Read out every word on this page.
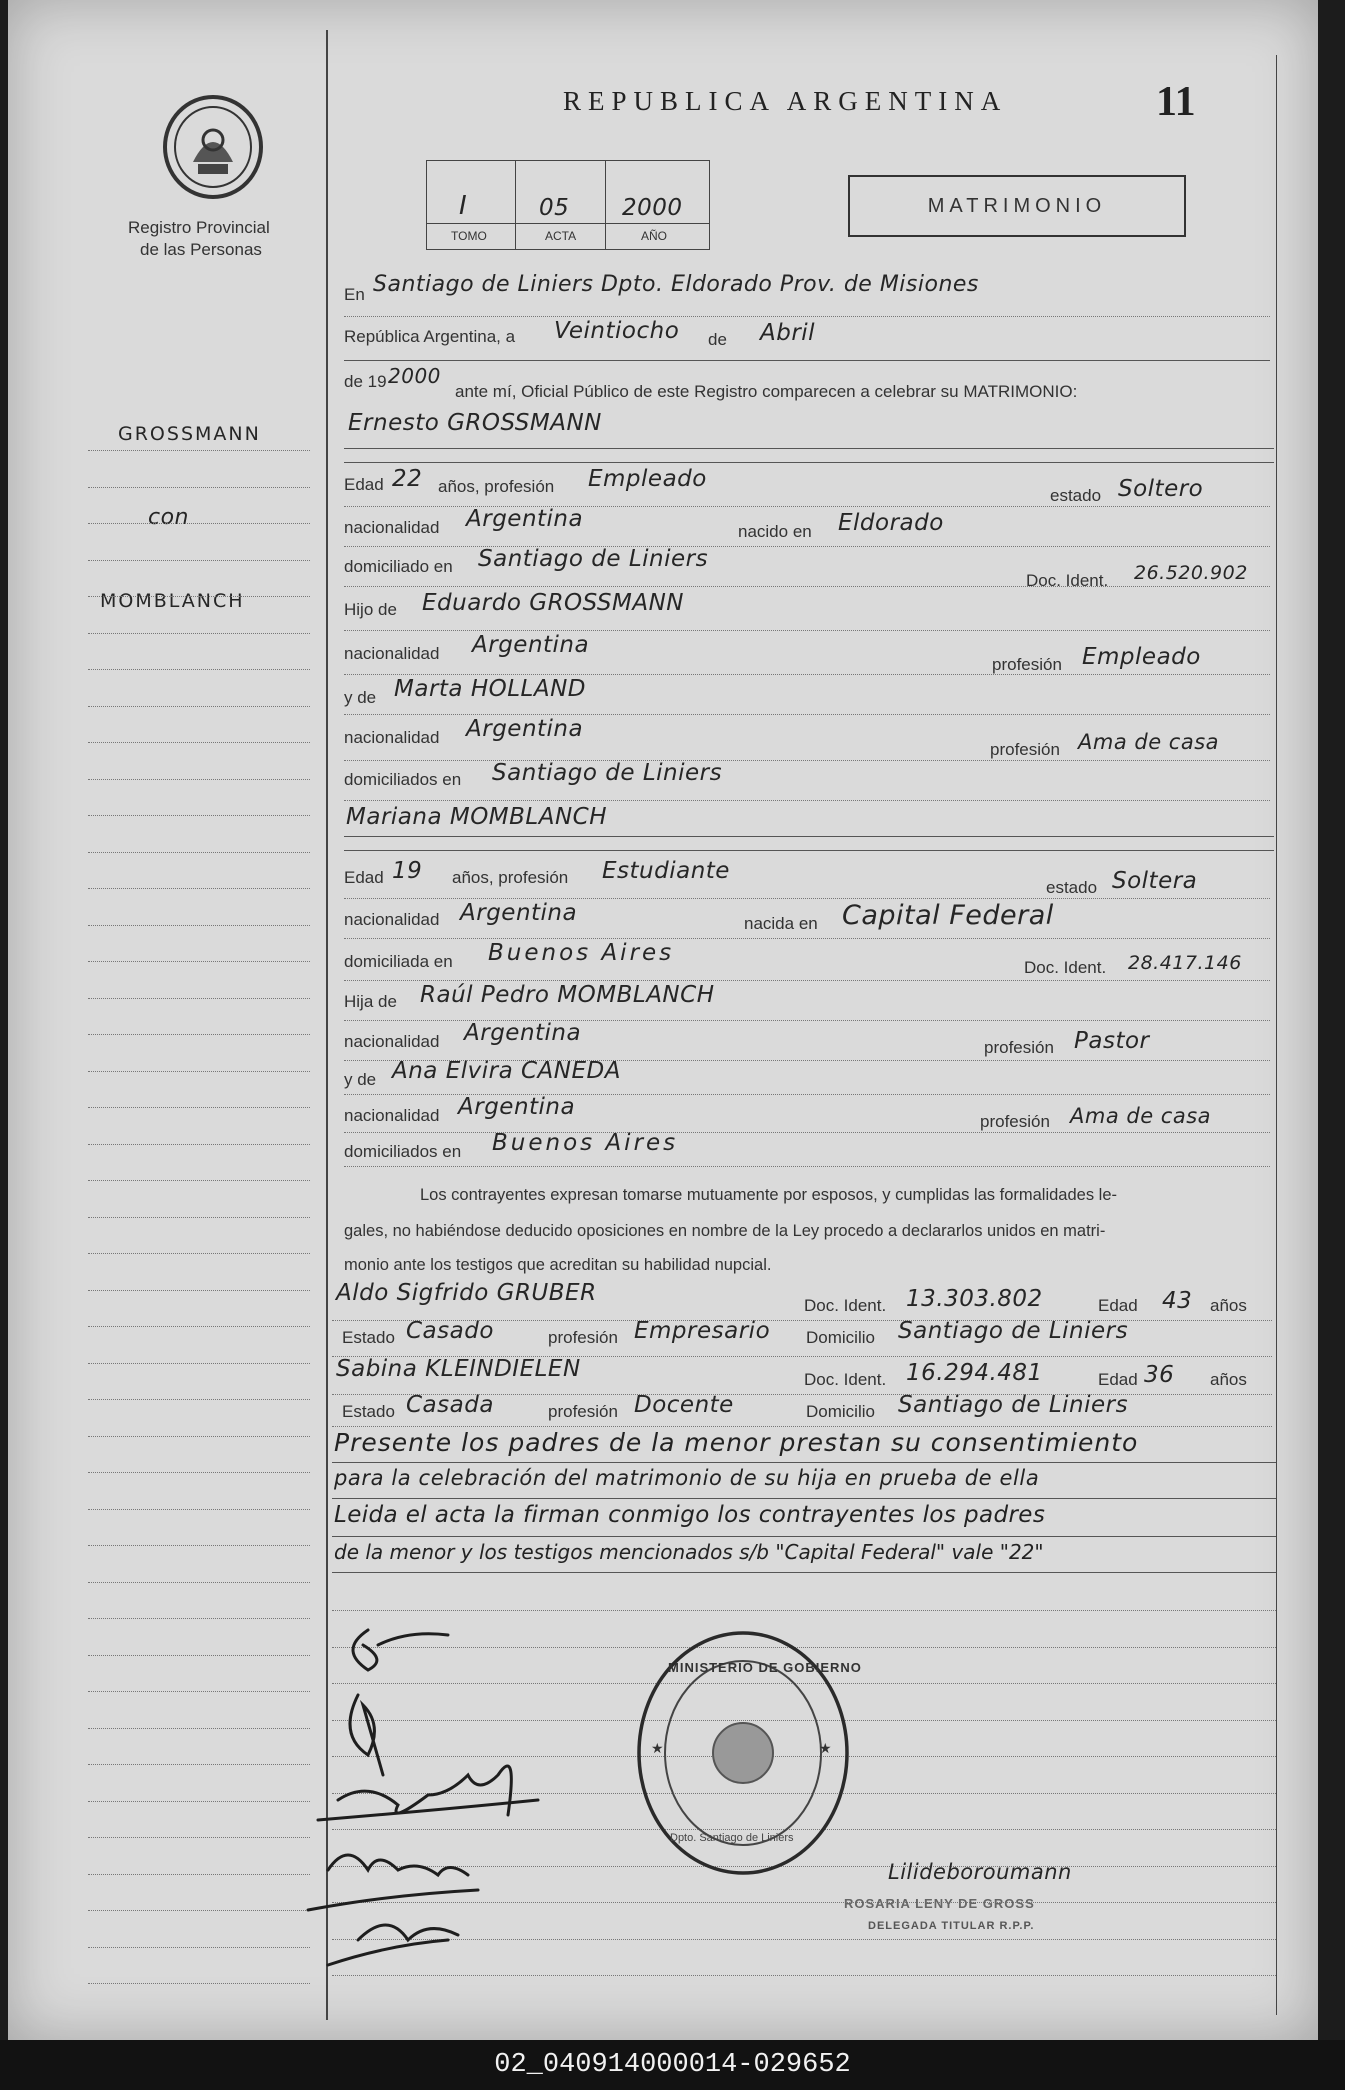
Registro Provincial
de las Personas
REPUBLICA ARGENTINA	11
I	05 2000
TOMO	ACTA	AÑO
MATRIMONIO
GROSSMANN
con
MOMBLANCH
En Santiago de Liniers Dpto. Eldorado Prov. de Misiones
República Argentina, a Veintiocho de Abril
de 19 2000
ante mí, Oficial Público de este Registro comparecen a celebrar su MATRIMONIO:
Ernesto GROSSMANN
Edad 22 años, profesión Empleado
estado Soltero
nacionalidad Argentina	nacido en Eldorado
domiciliado en Santiago de Liniers
Doc. Ident. 26.520.902
Hijo de Eduardo GROSSMANN
nacionalidad Argentina
profesión Empleado
y de Marta HOLLAND
nacionalidad Argentina
profesión Ama de casa
domiciliados en Santiago de Liniers
Mariana MOMBLANCH
Edad 19 años, profesión Estudiante
estado Soltera
nacionalidad Argentina	nacida en Capital Federal
domiciliada en Buenos Aires
Doc. Ident. 28.417.146
Hija de Raúl Pedro MOMBLANCH
nacionalidad Argentina
profesión Pastor
y de Ana Elvira CANEDA
nacionalidad Argentina
profesión Ama de casa
domiciliados en Buenos Aires
Los contrayentes expresan tomarse mutuamente por esposos, y cumplidas las formalidades le-
gales, no habiéndose deducido oposiciones en nombre de la Ley procedo a declararlos unidos en matri-
monio ante los testigos que acreditan su habilidad nupcial.
Aldo Sigfrido GRUBER	Doc. Ident. 13.303.802	Edad 43 años
Estado Casado	profesión Empresario Domicilio Santiago de Liniers
Sabina KLEINDIELEN	Doc. Ident. 16.294.481	Edad 36 años
Estado Casada	profesión Docente	Domicilio Santiago de Liniers
Presente los padres de la menor prestan su consentimiento
para la celebración del matrimonio de su hija en prueba de ella
Leida el acta la firman conmigo los contrayentes los padres
de la menor y los testigos mencionados s/b "Capital Federal" vale "22"
★	★
MINISTERIO DE GOBIERNO
Dpto. Santiago de Liniers
Lilideboroumann
ROSARIA LENY DE GROSS
DELEGADA TITULAR R.P.P.
02_040914000014-029652
